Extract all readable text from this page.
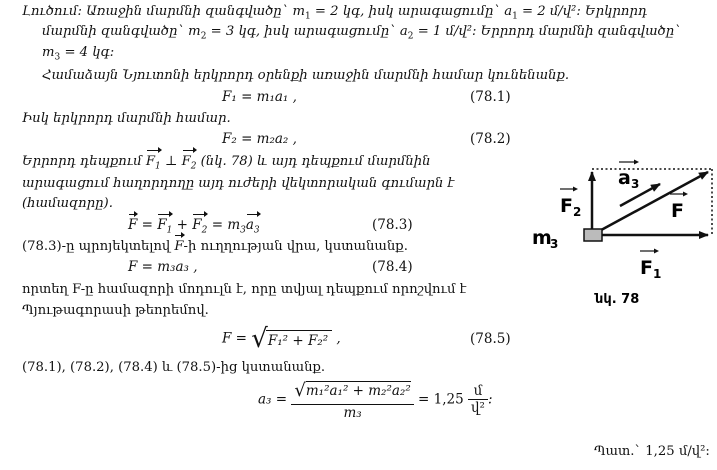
Լուծում: Առաջին մարմնի զանգվածը` $m_1 = 2$ կգ, իսկ արագացումը` $a_1 = 2$ մ/վ²: Երկրորդ
մարմնի զանգվածը` $m_2 = 3$ կգ, իսկ արագացումը` $a_2 = 1$ մ/վ²: Երրորդ մարմնի զանգվածը`
$m_3 = 4$ կգ:
Համաձայն Նյուտոնի երկրորդ օրենքի առաջին մարմնի համար կունենանք.
F₁ = m₁a₁ ,	(78.1)
Իսկ երկրորդ մարմնի համար.
F₂ = m₂a₂ ,	(78.2)
Երրորդ դեպքում $F_1$ ⊥ $F_2$ (նկ. 78) և այդ դեպքում մարմնին
արագացում հաղորդողը այդ ուժերի վեկտորական գումարն է
(համազորը).
$F = F_1 + F_2 = m_3a_3$	(78.3)
(78.3)-ը պրոյեկտելով F-ի ուղղության վրա, կստանանք.
F = m₃a₃ ,	(78.4)
որտեղ F-ը համազորի մոդուլն է, որը տվյալ դեպքում որոշվում է
Պյութագորասի թեորեմով.
F = √F₁² + F₂² ,	(78.5)
(78.1), (78.2), (78.4) և (78.5)-ից կստանանք.
$a_3 = \frac{\text{√m₁²a₁² + m₂²a₂²}}{\text{m₃}} = 1,25 \frac{\text{մ}}{\text{վ²}}$ :
Պատ.` 1,25 մ/վ²:
a 3
F 2	F
m
3
F 1
նկ. 78
